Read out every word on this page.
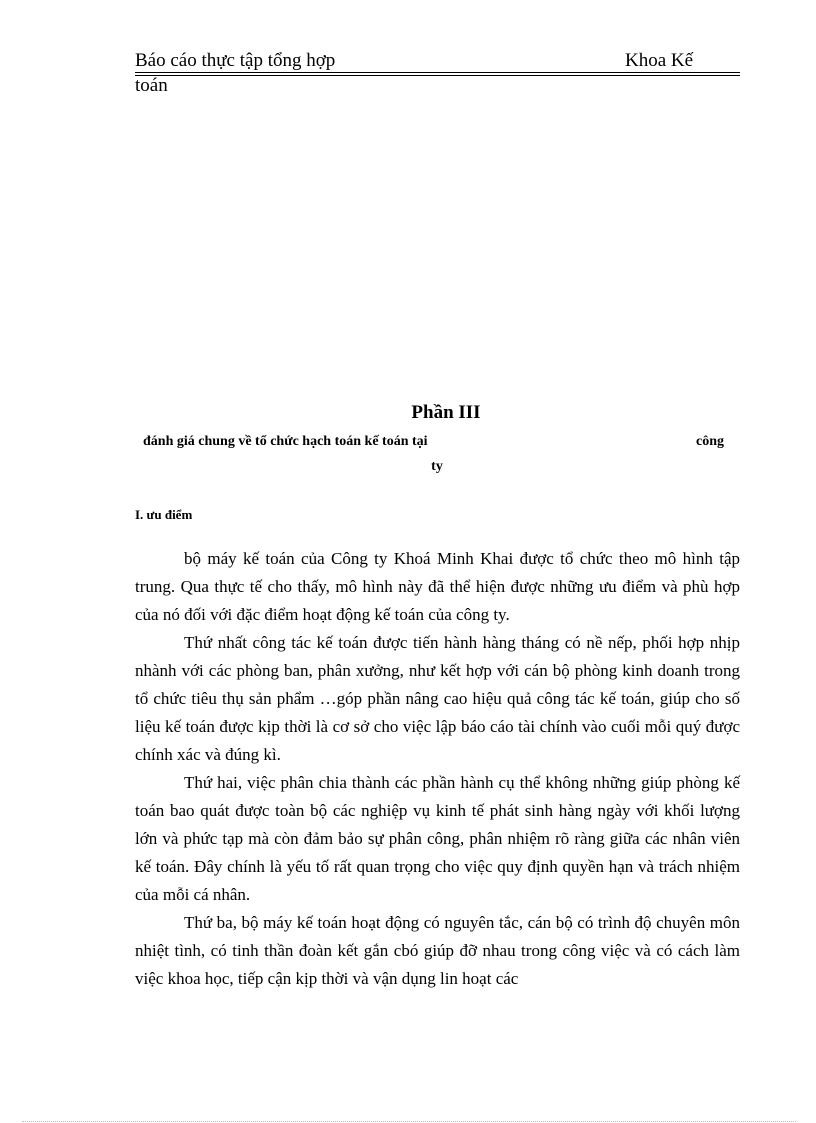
Báo cáo thực tập tổng hợp	Khoa Kế
toán
Phần III
đánh giá chung về tổ chức hạch toán kế toán tại	công
ty
I. ưu điểm

bộ máy kế toán của Công ty Khoá Minh Khai được tổ chức theo mô hình tập trung. Qua thực tế cho thấy, mô hình này đã thể hiện được những ưu điểm và phù hợp của nó đối với đặc điểm hoạt động kế toán của công ty.

Thứ nhất công tác kế toán được tiến hành hàng tháng có nề nếp, phối hợp nhịp nhành với các phòng ban, phân xưởng, như kết hợp với cán bộ phòng kinh doanh trong tổ chức tiêu thụ sản phẩm …góp phần nâng cao hiệu quả công tác kế toán, giúp cho số liệu kế toán được kịp thời là cơ sở cho việc lập báo cáo tài chính vào cuối mỗi quý được chính xác và đúng kì.

Thứ hai, việc phân chia thành các phần hành cụ thể không những giúp phòng kế toán bao quát được toàn bộ các nghiệp vụ kinh tế phát sinh hàng ngày với khối lượng lớn và phức tạp mà còn đảm bảo sự phân công, phân nhiệm rõ ràng giữa các nhân viên kế toán. Đây chính là yếu tố rất quan trọng cho việc quy định quyền hạn và trách nhiệm của mỗi cá nhân.

Thứ ba, bộ máy kế toán hoạt động có nguyên tắc, cán bộ có trình độ chuyên môn nhiệt tình, có tinh thần đoàn kết gắn cbó giúp đỡ nhau trong công việc và có cách làm việc khoa học, tiếp cận kịp thời và vận dụng lin hoạt các
